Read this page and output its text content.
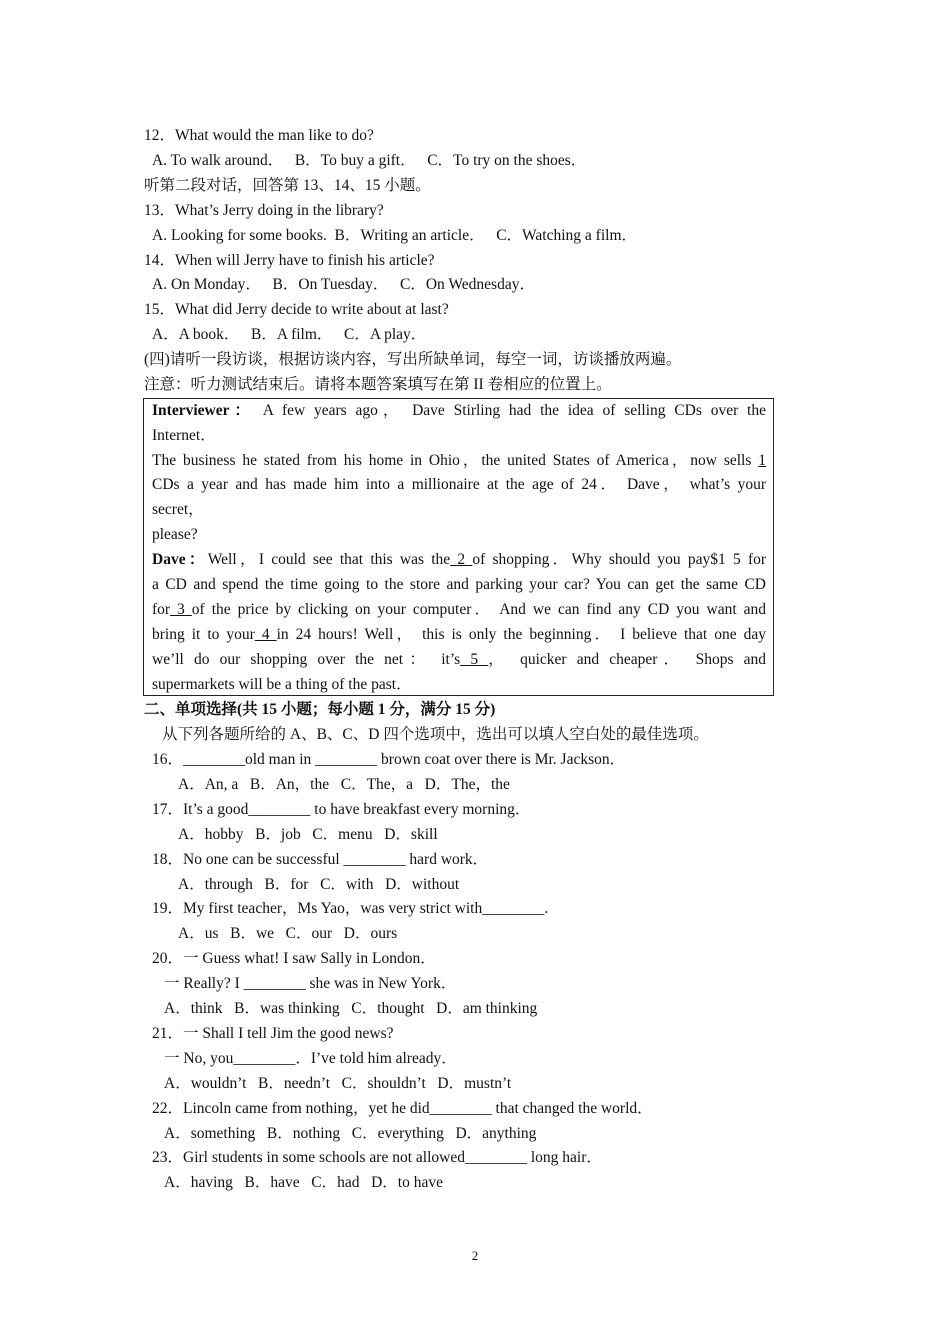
12．What would the man like to do?
A. To walk around．   B．To buy a gift．   C．To try on the shoes．
听第二段对话，回答第 13、14、15 小题。
13．What’s Jerry doing in the library?
A. Looking for some books.  B．Writing an article．   C．Watching a film．
14．When will Jerry have to finish his article?
A. On Monday．   B．On Tuesday．   C．On Wednesday．
15．What did Jerry decide to write about at last?
A．A book．   B．A film．   C．A play．
(四)请听一段访谈，根据访谈内容，写出所缺单词，每空一词，访谈播放两遍。
注意：听力测试结束后。请将本题答案填写在第 II 卷相应的位置上。
Interviewer： A few years ago， Dave Stirling had the idea of selling CDs over the
Internet．
The business he stated from his home in Ohio，the united States of America，now sells 1
CDs a year and has made him into a millionaire at the age of 24． Dave， what’s your
secret，
please?
Dave：Well，I could see that this was the 2 of shopping．Why should you pay$1 5 for
a CD and spend the time going to the store and parking your car? You can get the same CD
for 3 of the price by clicking on your computer． And we can find any CD you want and
bring it to your 4 in 24 hours! Well， this is only the beginning． I believe that one day
we’ll do our shopping over the net： it’s 5 ， quicker and cheaper． Shops and
supermarkets will be a thing of the past．
二、单项选择(共 15 小题；每小题 1 分，满分 15 分)
从下列各题所给的 A、B、C、D 四个选项中，选出可以填人空白处的最佳选项。
16．________old man in ________ brown coat over there is Mr. Jackson．
A．An, a   B．An，the   C．The，a   D．The，the
17．It’s a good________ to have breakfast every morning．
A．hobby   B．job   C．menu   D．skill
18．No one can be successful ________ hard work．
A．through   B．for   C．with   D．without
19．My first teacher，Ms Yao，was very strict with________.
A．us   B．we   C．our   D．ours
20．一 Guess what! I saw Sally in London．
一 Really? I ________ she was in New York．
A．think   B．was thinking   C．thought   D．am thinking
21．一 Shall I tell Jim the good news?
一 No, you________．I’ve told him already．
A．wouldn’t   B．needn’t   C．shouldn’t   D．mustn’t
22．Lincoln came from nothing，yet he did________ that changed the world．
A．something   B．nothing   C．everything   D．anything
23．Girl students in some schools are not allowed________ long hair．
A．having   B．have   C．had   D．to have
2
